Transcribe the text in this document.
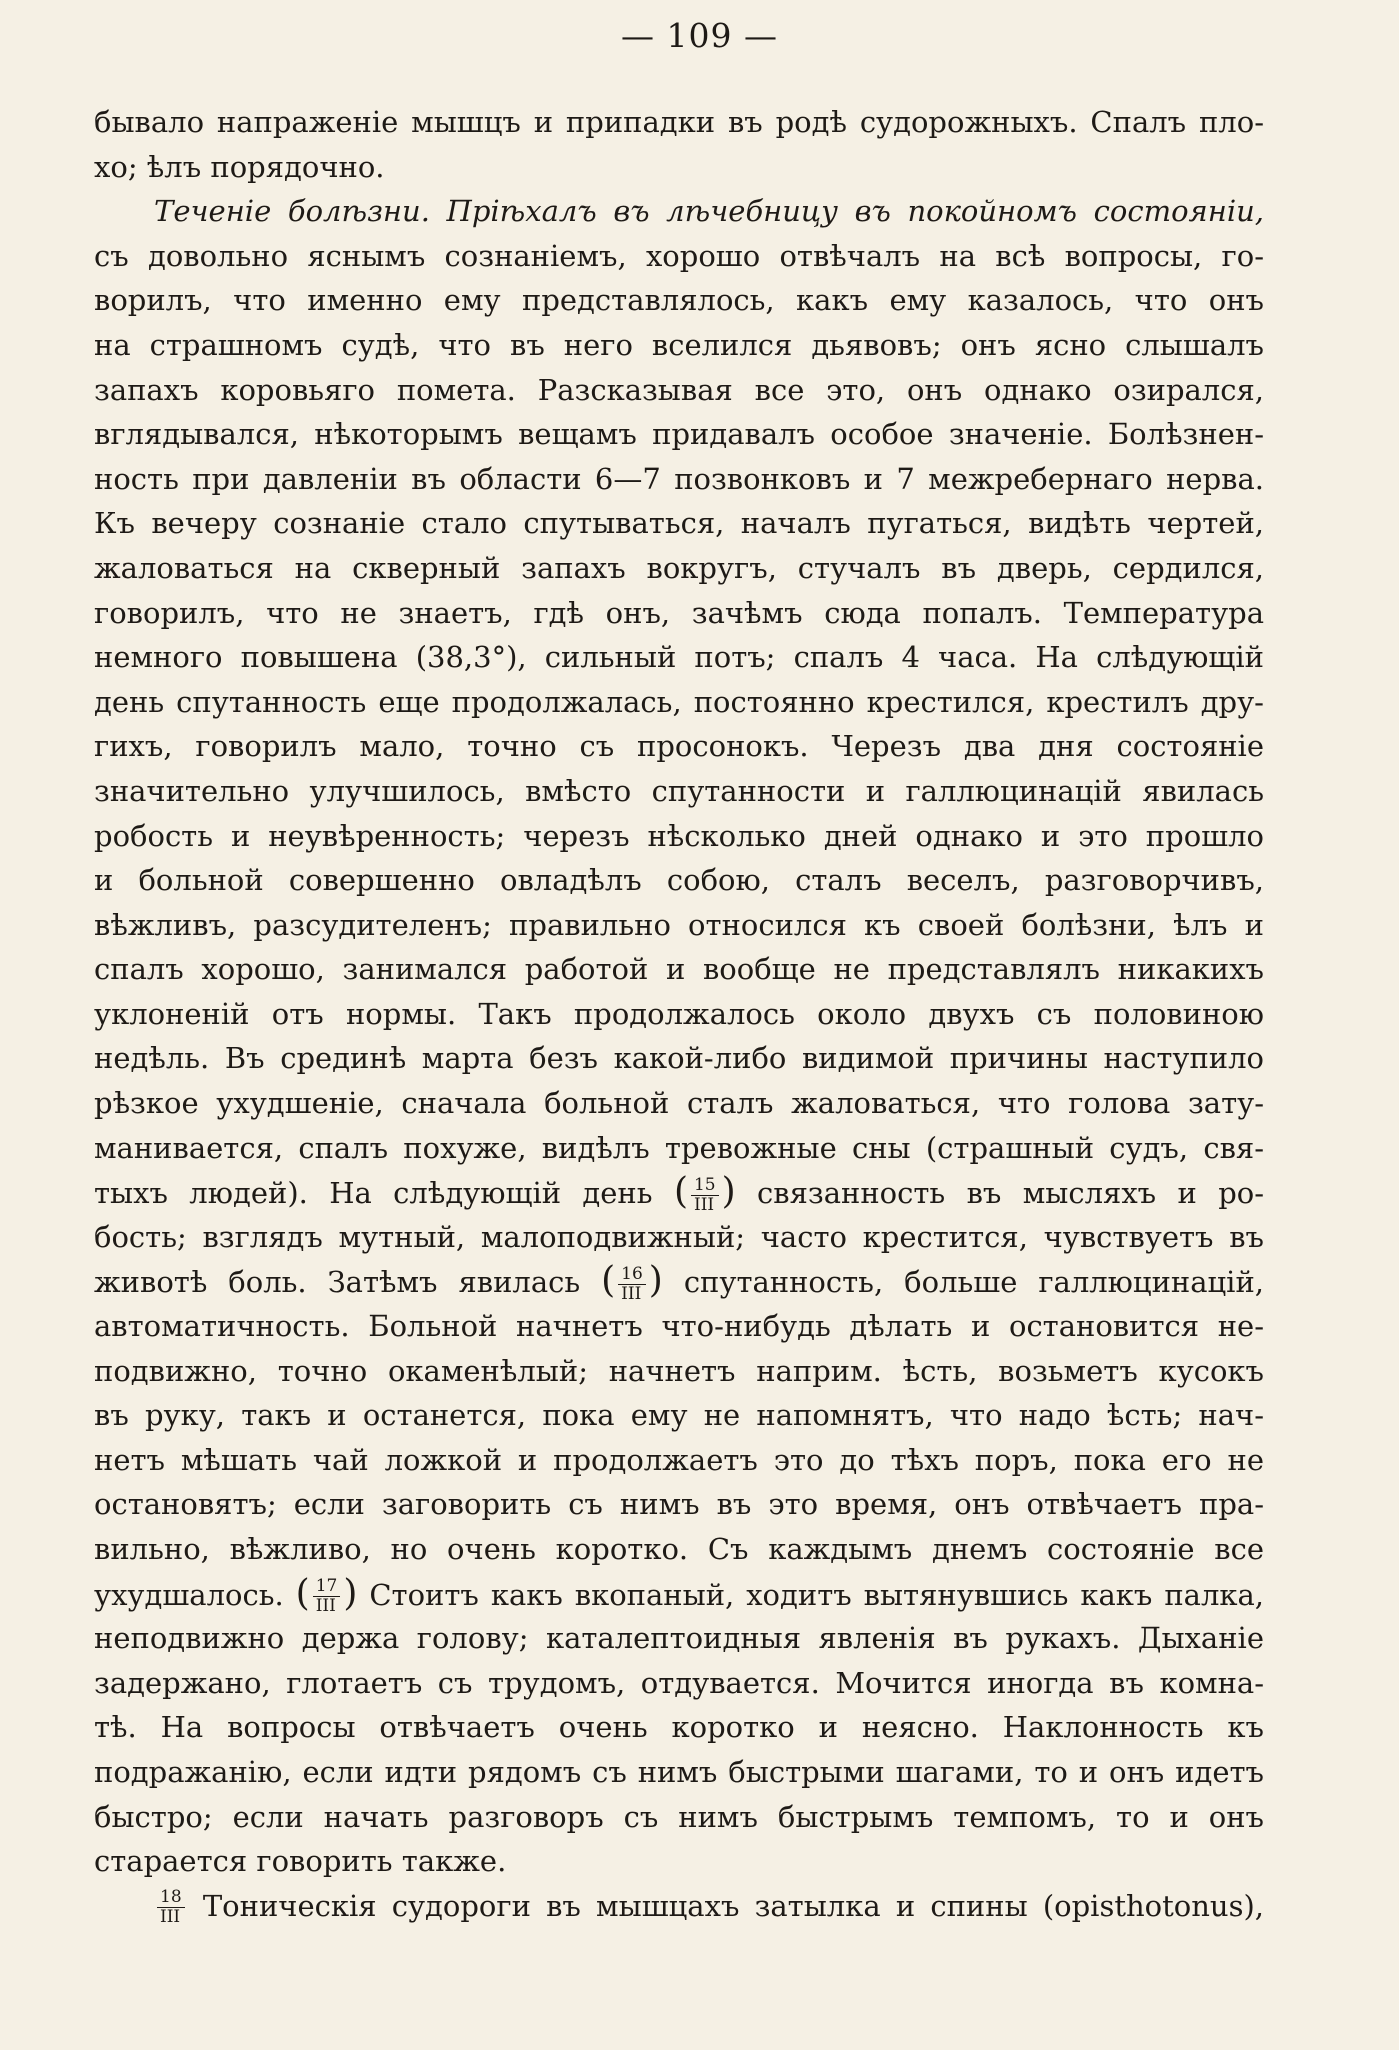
— 109 —
бывало напраженіе мышцъ и припадки въ родѣ судорожныхъ. Спалъ пло-
хо; ѣлъ порядочно.
Теченіе болѣзни. Пріѣхалъ въ лѣчебницу въ покойномъ состояніи,
съ довольно яснымъ сознаніемъ, хорошо отвѣчалъ на всѣ вопросы, го-
ворилъ, что именно ему представлялось, какъ ему казалось, что онъ
на страшномъ судѣ, что въ него вселился дьявовъ; онъ ясно слышалъ
запахъ коровьяго помета. Разсказывая все это, онъ однако озирался,
вглядывался, нѣкоторымъ вещамъ придавалъ особое значеніе. Болѣзнен-
ность при давленіи въ области 6—7 позвонковъ и 7 межребернаго нерва.
Къ вечеру сознаніе стало спутываться, началъ пугаться, видѣть чертей,
жаловаться на скверный запахъ вокругъ, стучалъ въ дверь, сердился,
говорилъ, что не знаетъ, гдѣ онъ, зачѣмъ сюда попалъ. Температура
немного повышена (38,3°), сильный потъ; спалъ 4 часа. На слѣдующій
день спутанность еще продолжалась, постоянно крестился, крестилъ дру-
гихъ, говорилъ мало, точно съ просонокъ. Черезъ два дня состояніе
значительно улучшилось, вмѣсто спутанности и галлюцинацій явилась
робость и неувѣренность; черезъ нѣсколько дней однако и это прошло
и больной совершенно овладѣлъ собою, сталъ веселъ, разговорчивъ,
вѣжливъ, разсудителенъ; правильно относился къ своей болѣзни, ѣлъ и
спалъ хорошо, занимался работой и вообще не представлялъ никакихъ
уклоненій отъ нормы. Такъ продолжалось около двухъ съ половиною
недѣль. Въ срединѣ марта безъ какой-либо видимой причины наступило
рѣзкое ухудшеніе, сначала больной сталъ жаловаться, что голова зату-
маниваетcя, спалъ похуже, видѣлъ тревожные сны (страшный судъ, свя-
тыхъ людей). На слѣдующій день ( $\frac{15}{\text{III}}$ ) связанность въ мысляхъ и ро-
бость; взглядъ мутный, малоподвижный; часто крестится, чувствуетъ въ
животѣ боль. Затѣмъ явилась ( $\frac{16}{\text{III}}$ ) спутанность, больше галлюцинацій,
автоматичность. Больной начнетъ что-нибудь дѣлать и остановится не-
подвижно, точно окаменѣлый; начнетъ наприм. ѣсть, возьметъ кусокъ
въ руку, такъ и останется, пока ему не напомнятъ, что надо ѣсть; нач-
нетъ мѣшать чай ложкой и продолжаетъ это до тѣхъ поръ, пока его не
остановятъ; если заговорить съ нимъ въ это время, онъ отвѣчаетъ пра-
вильно, вѣжливо, но очень коротко. Съ каждымъ днемъ состояніе все
ухудшалось. ( $\frac{17}{\text{III}}$ ) Стоитъ какъ вкопаный, ходитъ вытянувшись какъ палка,
неподвижно держа голову; каталептоидныя явленія въ рукахъ. Дыханіе
задержано, глотаетъ съ трудомъ, отдувается. Мочится иногда въ комна-
тѣ. На вопросы отвѣчаетъ очень коротко и неясно. Наклонность къ
подражанію, если идти рядомъ съ нимъ быстрыми шагами, то и онъ идетъ
быстро; если начать разговоръ съ нимъ быстрымъ темпомъ, то и онъ
старается говорить также.
$\frac{18}{\text{III}}$ Тоническія судороги въ мышцахъ затылка и спины (opisthotonus),
